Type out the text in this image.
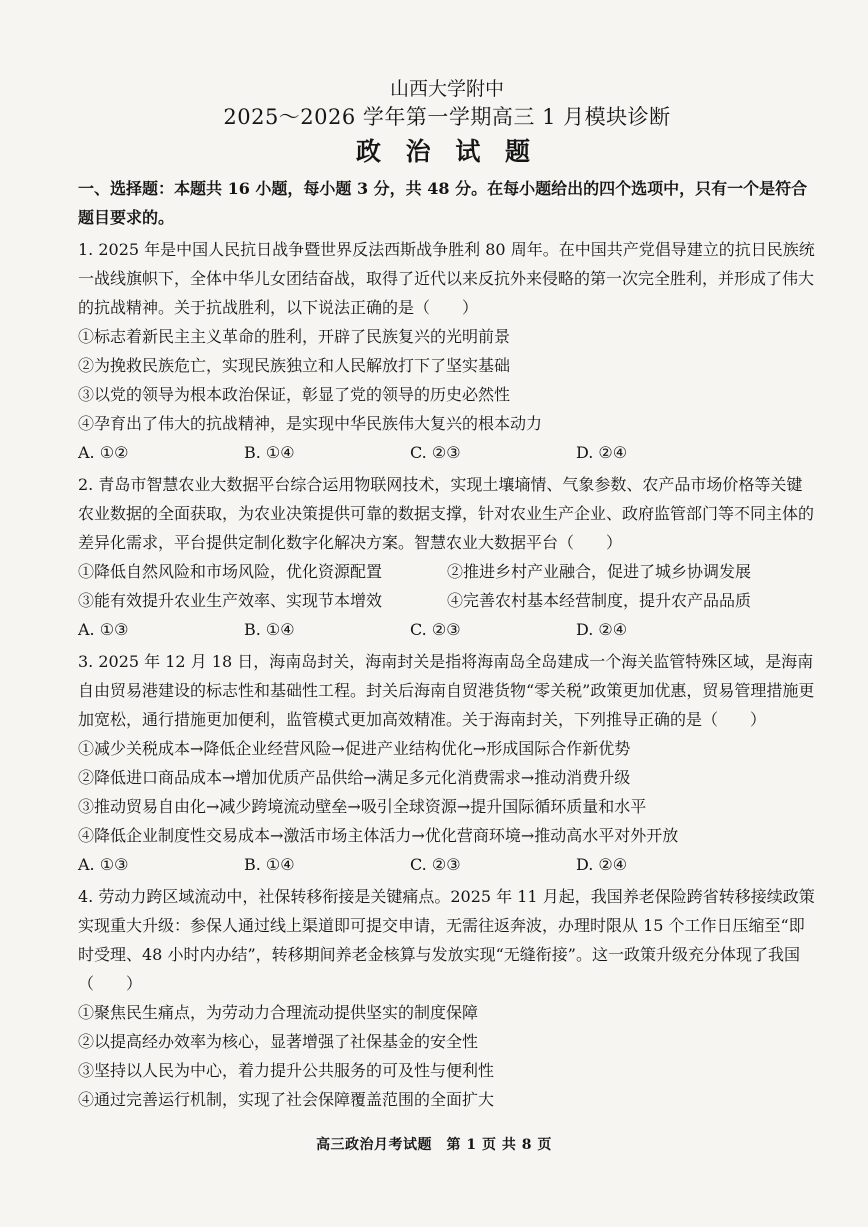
山西大学附中
2025～2026 学年第一学期高三 1 月模块诊断
政 治 试 题
一、选择题：本题共 16 小题，每小题 3 分，共 48 分。在每小题给出的四个选项中，只有一个是符合题目要求的。
1. 2025 年是中国人民抗日战争暨世界反法西斯战争胜利 80 周年。在中国共产党倡导建立的抗日民族统一战线旗帜下，全体中华儿女团结奋战，取得了近代以来反抗外来侵略的第一次完全胜利，并形成了伟大的抗战精神。关于抗战胜利，以下说法正确的是（　　）
①标志着新民主主义革命的胜利，开辟了民族复兴的光明前景
②为挽救民族危亡，实现民族独立和人民解放打下了坚实基础
③以党的领导为根本政治保证，彰显了党的领导的历史必然性
④孕育出了伟大的抗战精神，是实现中华民族伟大复兴的根本动力
A. ①②	B. ①④	C. ②③	D. ②④
2. 青岛市智慧农业大数据平台综合运用物联网技术，实现土壤墒情、气象参数、农产品市场价格等关键农业数据的全面获取，为农业决策提供可靠的数据支撑，针对农业生产企业、政府监管部门等不同主体的差异化需求，平台提供定制化数字化解决方案。智慧农业大数据平台（　　）
①降低自然风险和市场风险，优化资源配置	②推进乡村产业融合，促进了城乡协调发展
③能有效提升农业生产效率、实现节本增效	④完善农村基本经营制度，提升农产品品质
A. ①③	B. ①④	C. ②③	D. ②④
3. 2025 年 12 月 18 日，海南岛封关，海南封关是指将海南岛全岛建成一个海关监管特殊区域，是海南自由贸易港建设的标志性和基础性工程。封关后海南自贸港货物“零关税”政策更加优惠，贸易管理措施更加宽松，通行措施更加便利，监管模式更加高效精准。关于海南封关，下列推导正确的是（　　）
①减少关税成本→降低企业经营风险→促进产业结构优化→形成国际合作新优势
②降低进口商品成本→增加优质产品供给→满足多元化消费需求→推动消费升级
③推动贸易自由化→减少跨境流动壁垒→吸引全球资源→提升国际循环质量和水平
④降低企业制度性交易成本→激活市场主体活力→优化营商环境→推动高水平对外开放
A. ①③	B. ①④	C. ②③	D. ②④
4. 劳动力跨区域流动中，社保转移衔接是关键痛点。2025 年 11 月起，我国养老保险跨省转移接续政策实现重大升级：参保人通过线上渠道即可提交申请，无需往返奔波，办理时限从 15 个工作日压缩至“即时受理、48 小时内办结”，转移期间养老金核算与发放实现“无缝衔接”。这一政策升级充分体现了我国（　　）
①聚焦民生痛点，为劳动力合理流动提供坚实的制度保障
②以提高经办效率为核心，显著增强了社保基金的安全性
③坚持以人民为中心，着力提升公共服务的可及性与便利性
④通过完善运行机制，实现了社会保障覆盖范围的全面扩大
高三政治月考试题　第 1 页 共 8 页
